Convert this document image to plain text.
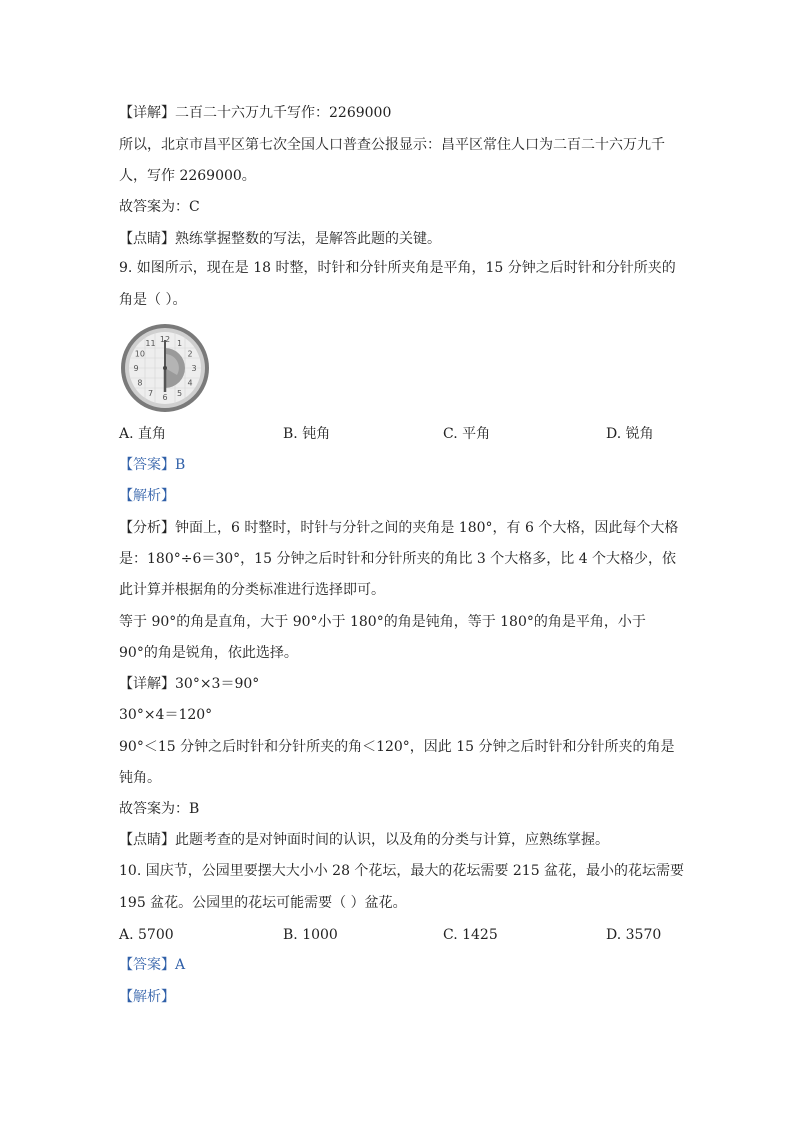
【详解】二百二十六万九千写作：2269000
所以，北京市昌平区第七次全国人口普查公报显示：昌平区常住人口为二百二十六万九千
人，写作 2269000。
故答案为：C
【点睛】熟练掌握整数的写法，是解答此题的关键。
9. 如图所示，现在是 18 时整，时针和分针所夹角是平角，15 分钟之后时针和分针所夹的
角是（ ）。
12 1
2
3
4
5
6
7
8
9
10
11
A. 直角	B. 钝角	C. 平角	D. 锐角
【答案】B
【解析】
【分析】钟面上，6 时整时，时针与分针之间的夹角是 180°，有 6 个大格，因此每个大格
是：180°÷6＝30°，15 分钟之后时针和分针所夹的角比 3 个大格多，比 4 个大格少，依
此计算并根据角的分类标准进行选择即可。
等于 90°的角是直角，大于 90°小于 180°的角是钝角，等于 180°的角是平角，小于
90°的角是锐角，依此选择。
【详解】30°×3＝90°
30°×4＝120°
90°＜15 分钟之后时针和分针所夹的角＜120°，因此 15 分钟之后时针和分针所夹的角是
钝角。
故答案为：B
【点睛】此题考查的是对钟面时间的认识，以及角的分类与计算，应熟练掌握。
10. 国庆节，公园里要摆大大小小 28 个花坛，最大的花坛需要 215 盆花，最小的花坛需要
195 盆花。公园里的花坛可能需要（ ）盆花。
A. 5700	B. 1000	C. 1425	D. 3570
【答案】A
【解析】
